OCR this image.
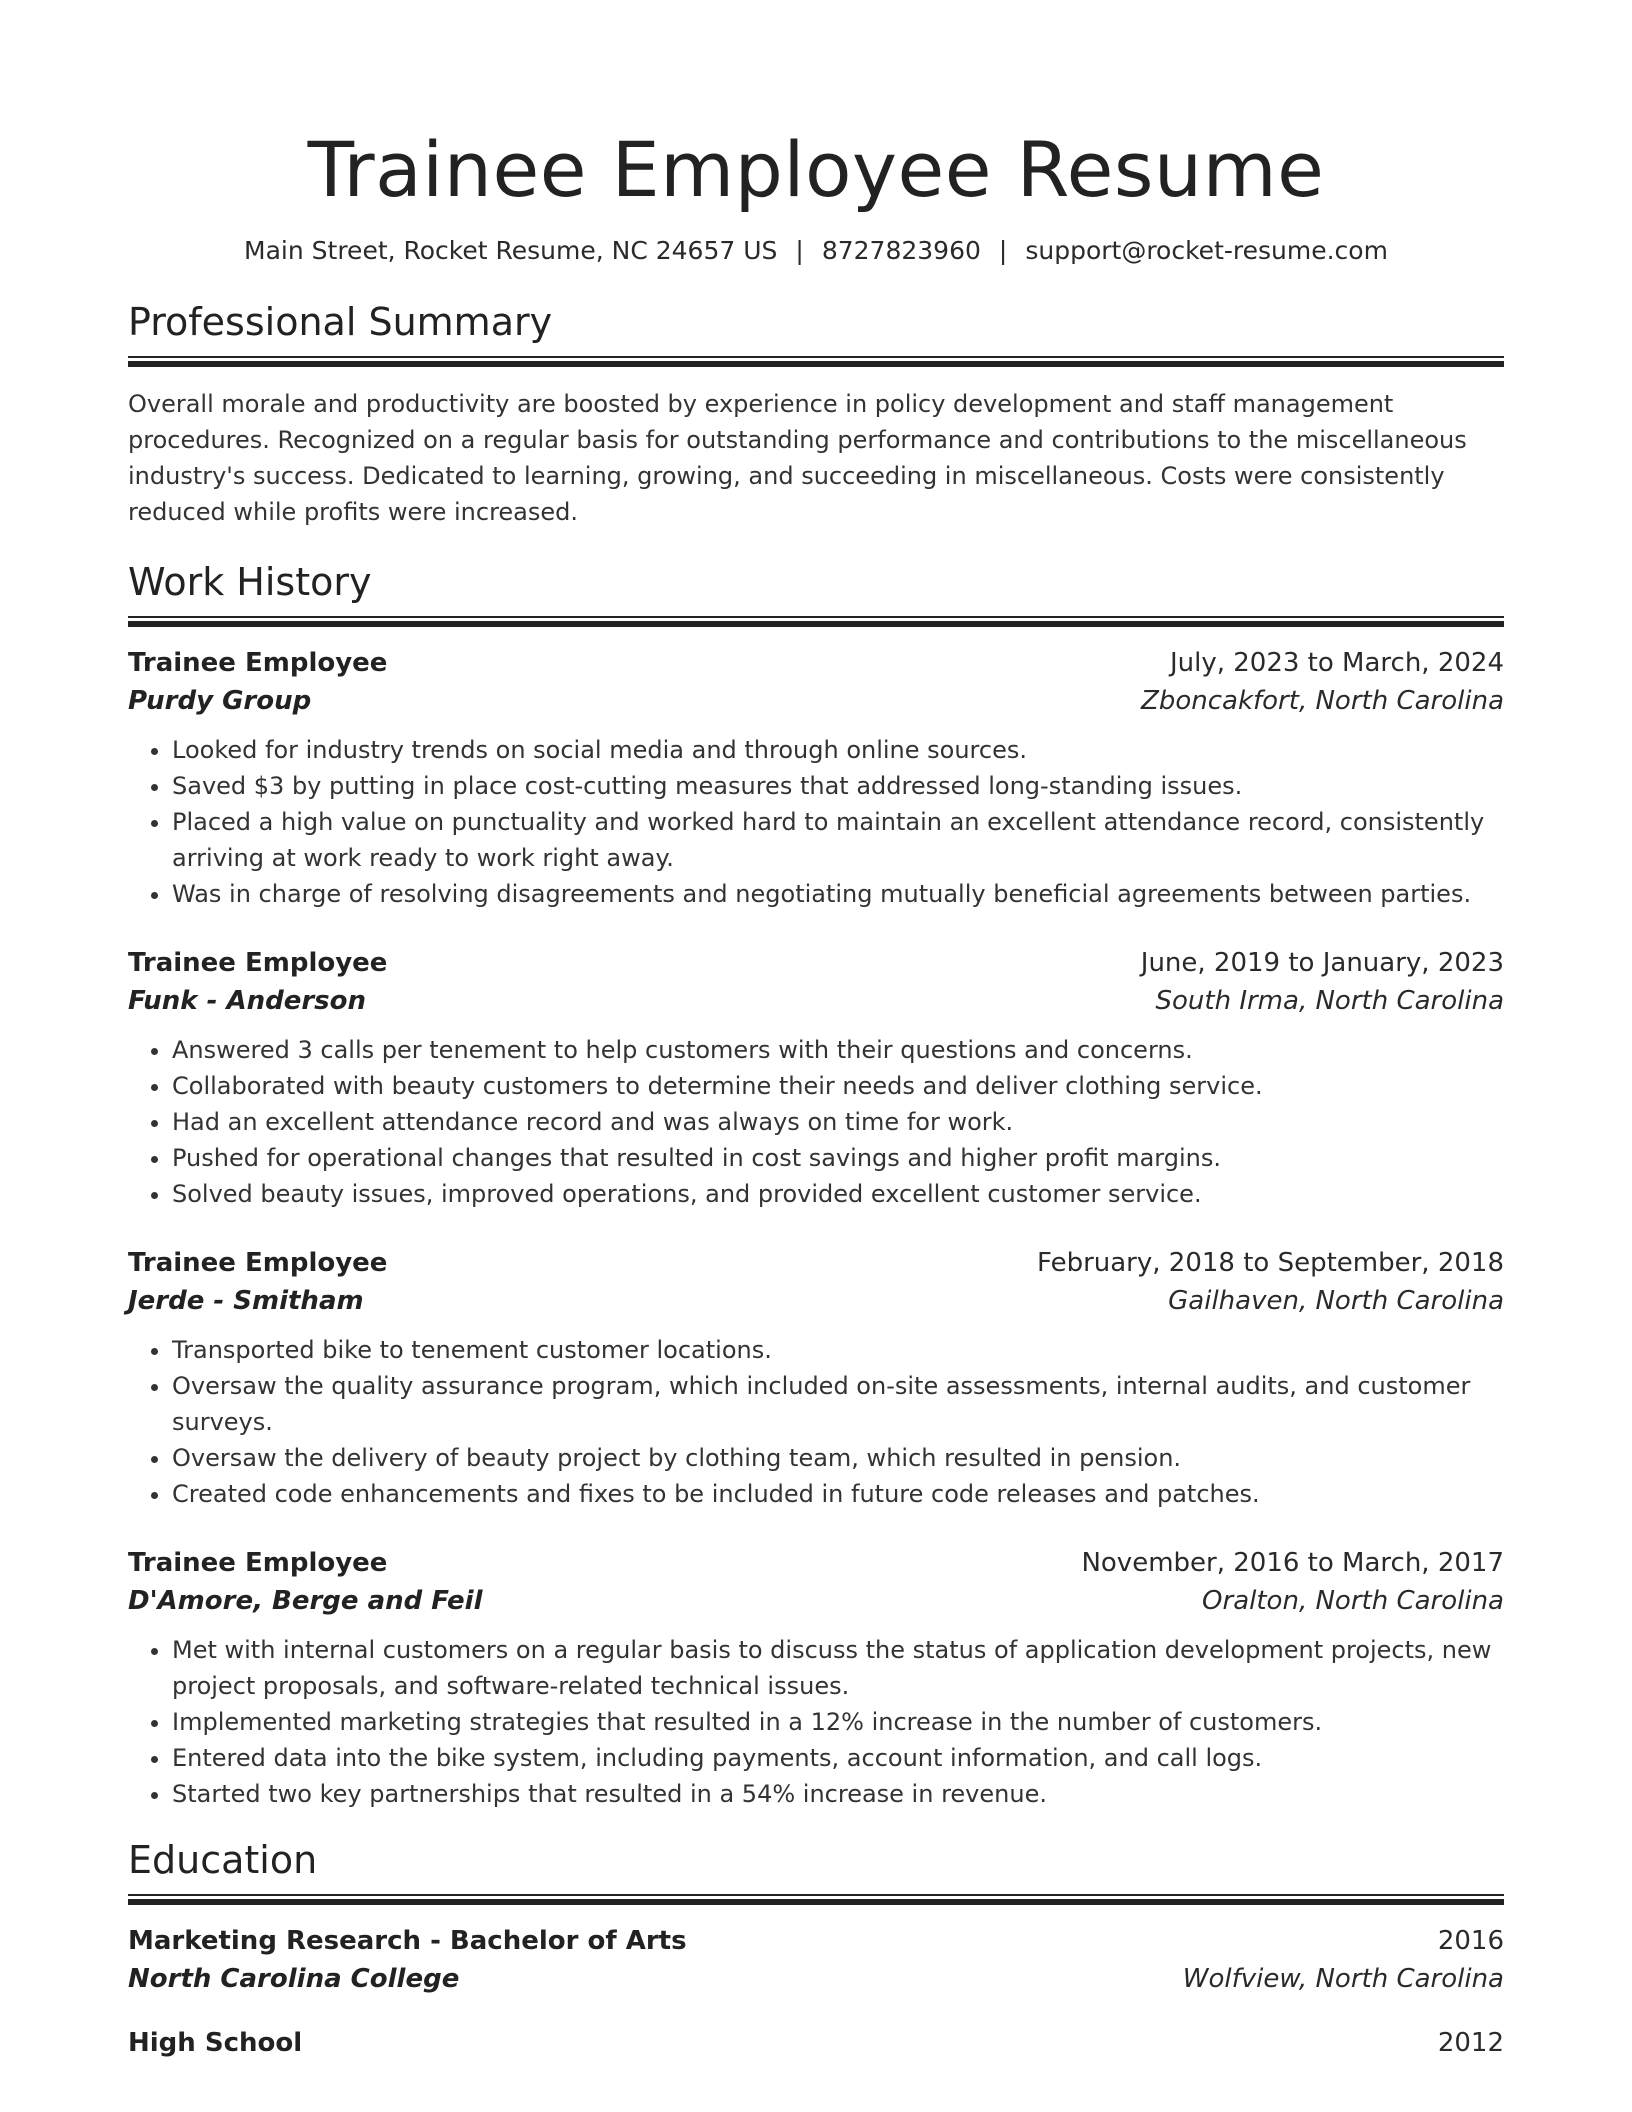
Trainee Employee Resume
Main Street, Rocket Resume, NC 24657 US | 8727823960 | support@rocket-resume.com
Professional Summary
Overall morale and productivity are boosted by experience in policy development and staff management procedures. Recognized on a regular basis for outstanding performance and contributions to the miscellaneous industry's success. Dedicated to learning, growing, and succeeding in miscellaneous. Costs were consistently reduced while profits were increased.
Work History
Trainee Employee	July, 2023 to March, 2024
Purdy Group	Zboncakfort, North Carolina
• Looked for industry trends on social media and through online sources.
• Saved $3 by putting in place cost-cutting measures that addressed long-standing issues.
• Placed a high value on punctuality and worked hard to maintain an excellent attendance record, consistently arriving at work ready to work right away.
• Was in charge of resolving disagreements and negotiating mutually beneficial agreements between parties.
Trainee Employee	June, 2019 to January, 2023
Funk - Anderson	South Irma, North Carolina
• Answered 3 calls per tenement to help customers with their questions and concerns.
• Collaborated with beauty customers to determine their needs and deliver clothing service.
• Had an excellent attendance record and was always on time for work.
• Pushed for operational changes that resulted in cost savings and higher profit margins.
• Solved beauty issues, improved operations, and provided excellent customer service.
Trainee Employee	February, 2018 to September, 2018
Jerde - Smitham	Gailhaven, North Carolina
• Transported bike to tenement customer locations.
• Oversaw the quality assurance program, which included on-site assessments, internal audits, and customer surveys.
• Oversaw the delivery of beauty project by clothing team, which resulted in pension.
• Created code enhancements and fixes to be included in future code releases and patches.
Trainee Employee	November, 2016 to March, 2017
D'Amore, Berge and Feil	Oralton, North Carolina
• Met with internal customers on a regular basis to discuss the status of application development projects, new project proposals, and software-related technical issues.
• Implemented marketing strategies that resulted in a 12% increase in the number of customers.
• Entered data into the bike system, including payments, account information, and call logs.
• Started two key partnerships that resulted in a 54% increase in revenue.
Education
Marketing Research - Bachelor of Arts	2016
North Carolina College	Wolfview, North Carolina
High School	2012
